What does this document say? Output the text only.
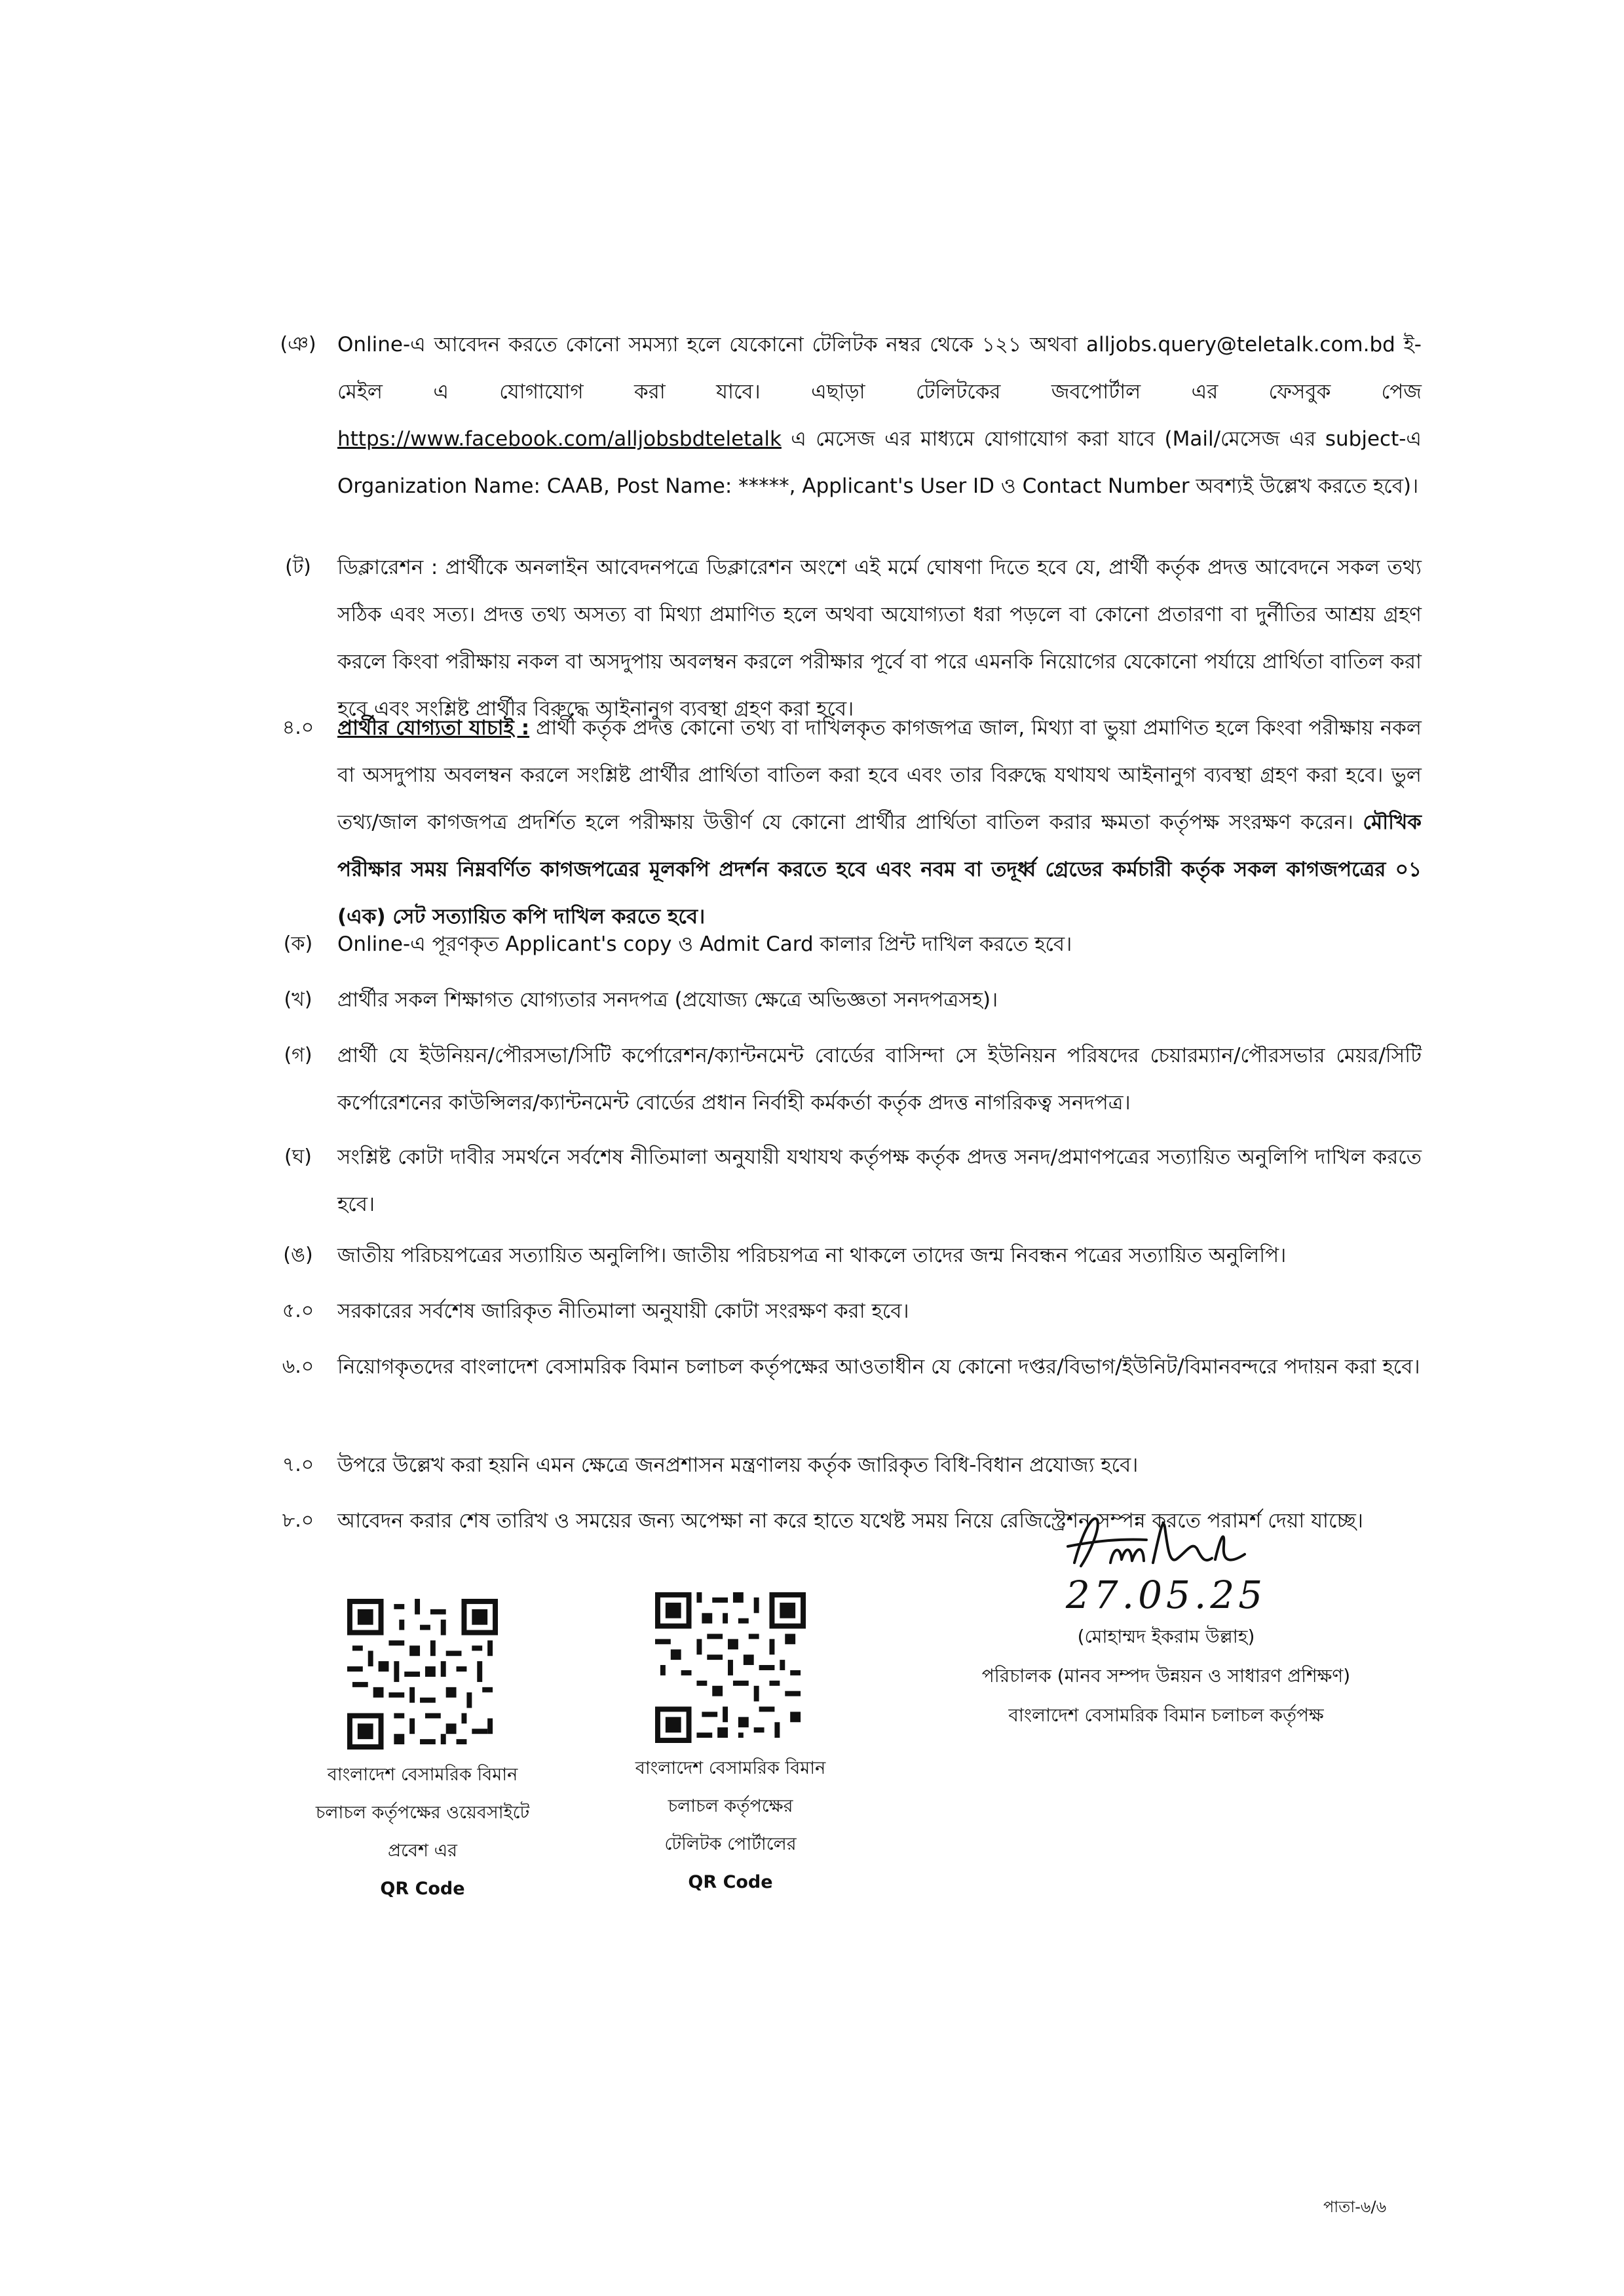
(ঞ)	Online-এ আবেদন করতে কোনো সমস্যা হলে যেকোনো টেলিটক নম্বর থেকে ১২১ অথবা alljobs.query@teletalk.com.bd ই-মেইল এ যোগাযোগ করা যাবে। এছাড়া টেলিটকের জবপোর্টাল এর ফেসবুক পেজ https://www.facebook.com/alljobsbdteletalk এ মেসেজ এর মাধ্যমে যোগাযোগ করা যাবে (Mail/মেসেজ এর subject-এ Organization Name: CAAB, Post Name: *****, Applicant's User ID ও Contact Number অবশ্যই উল্লেখ করতে হবে)।

(ট)	ডিক্লারেশন : প্রার্থীকে অনলাইন আবেদনপত্রে ডিক্লারেশন অংশে এই মর্মে ঘোষণা দিতে হবে যে, প্রার্থী কর্তৃক প্রদত্ত আবেদনে সকল তথ্য সঠিক এবং সত্য। প্রদত্ত তথ্য অসত্য বা মিথ্যা প্রমাণিত হলে অথবা অযোগ্যতা ধরা পড়লে বা কোনো প্রতারণা বা দুর্নীতির আশ্রয় গ্রহণ করলে কিংবা পরীক্ষায় নকল বা অসদুপায় অবলম্বন করলে পরীক্ষার পূর্বে বা পরে এমনকি নিয়োগের যেকোনো পর্যায়ে প্রার্থিতা বাতিল করা হবে এবং সংশ্লিষ্ট প্রার্থীর বিরুদ্ধে আইনানুগ ব্যবস্থা গ্রহণ করা হবে।

৪.০	প্রার্থীর যোগ্যতা যাচাই : প্রার্থী কর্তৃক প্রদত্ত কোনো তথ্য বা দাখিলকৃত কাগজপত্র জাল, মিথ্যা বা ভুয়া প্রমাণিত হলে কিংবা পরীক্ষায় নকল বা অসদুপায় অবলম্বন করলে সংশ্লিষ্ট প্রার্থীর প্রার্থিতা বাতিল করা হবে এবং তার বিরুদ্ধে যথাযথ আইনানুগ ব্যবস্থা গ্রহণ করা হবে। ভুল তথ্য/জাল কাগজপত্র প্রদর্শিত হলে পরীক্ষায় উত্তীর্ণ যে কোনো প্রার্থীর প্রার্থিতা বাতিল করার ক্ষমতা কর্তৃপক্ষ সংরক্ষণ করেন। মৌখিক পরীক্ষার সময় নিম্নবর্ণিত কাগজপত্রের মূলকপি প্রদর্শন করতে হবে এবং নবম বা তদূর্ধ্ব গ্রেডের কর্মচারী কর্তৃক সকল কাগজপত্রের ০১ (এক) সেট সত্যায়িত কপি দাখিল করতে হবে।

(ক)	Online-এ পূরণকৃত Applicant's copy ও Admit Card কালার প্রিন্ট দাখিল করতে হবে।

(খ)	প্রার্থীর সকল শিক্ষাগত যোগ্যতার সনদপত্র (প্রযোজ্য ক্ষেত্রে অভিজ্ঞতা সনদপত্রসহ)।

(গ)	প্রার্থী যে ইউনিয়ন/পৌরসভা/সিটি কর্পোরেশন/ক্যান্টনমেন্ট বোর্ডের বাসিন্দা সে ইউনিয়ন পরিষদের চেয়ারম্যান/পৌরসভার মেয়র/সিটি কর্পোরেশনের কাউন্সিলর/ক্যান্টনমেন্ট বোর্ডের প্রধান নির্বাহী কর্মকর্তা কর্তৃক প্রদত্ত নাগরিকত্ব সনদপত্র।

(ঘ)	সংশ্লিষ্ট কোটা দাবীর সমর্থনে সর্বশেষ নীতিমালা অনুযায়ী যথাযথ কর্তৃপক্ষ কর্তৃক প্রদত্ত সনদ/প্রমাণপত্রের সত্যায়িত অনুলিপি দাখিল করতে হবে।

(ঙ)	জাতীয় পরিচয়পত্রের সত্যায়িত অনুলিপি। জাতীয় পরিচয়পত্র না থাকলে তাদের জন্ম নিবন্ধন পত্রের সত্যায়িত অনুলিপি।

৫.০	সরকারের সর্বশেষ জারিকৃত নীতিমালা অনুযায়ী কোটা সংরক্ষণ করা হবে।

৬.০	নিয়োগকৃতদের বাংলাদেশ বেসামরিক বিমান চলাচল কর্তৃপক্ষের আওতাধীন যে কোনো দপ্তর/বিভাগ/ইউনিট/বিমানবন্দরে পদায়ন করা হবে।

৭.০	উপরে উল্লেখ করা হয়নি এমন ক্ষেত্রে জনপ্রশাসন মন্ত্রণালয় কর্তৃক জারিকৃত বিধি-বিধান প্রযোজ্য হবে।

৮.০	আবেদন করার শেষ তারিখ ও সময়ের জন্য অপেক্ষা না করে হাতে যথেষ্ট সময় নিয়ে রেজিস্ট্রেশন সম্পন্ন করতে পরামর্শ দেয়া যাচ্ছে।

বাংলাদেশ বেসামরিক বিমান
চলাচল কর্তৃপক্ষের ওয়েবসাইটে
প্রবেশ এর
QR Code
বাংলাদেশ বেসামরিক বিমান
চলাচল কর্তৃপক্ষের
টেলিটক পোর্টালের
QR Code
27.05.25
(মোহাম্মদ ইকরাম উল্লাহ)
পরিচালক (মানব সম্পদ উন্নয়ন ও সাধারণ প্রশিক্ষণ)
বাংলাদেশ বেসামরিক বিমান চলাচল কর্তৃপক্ষ
পাতা-৬/৬
